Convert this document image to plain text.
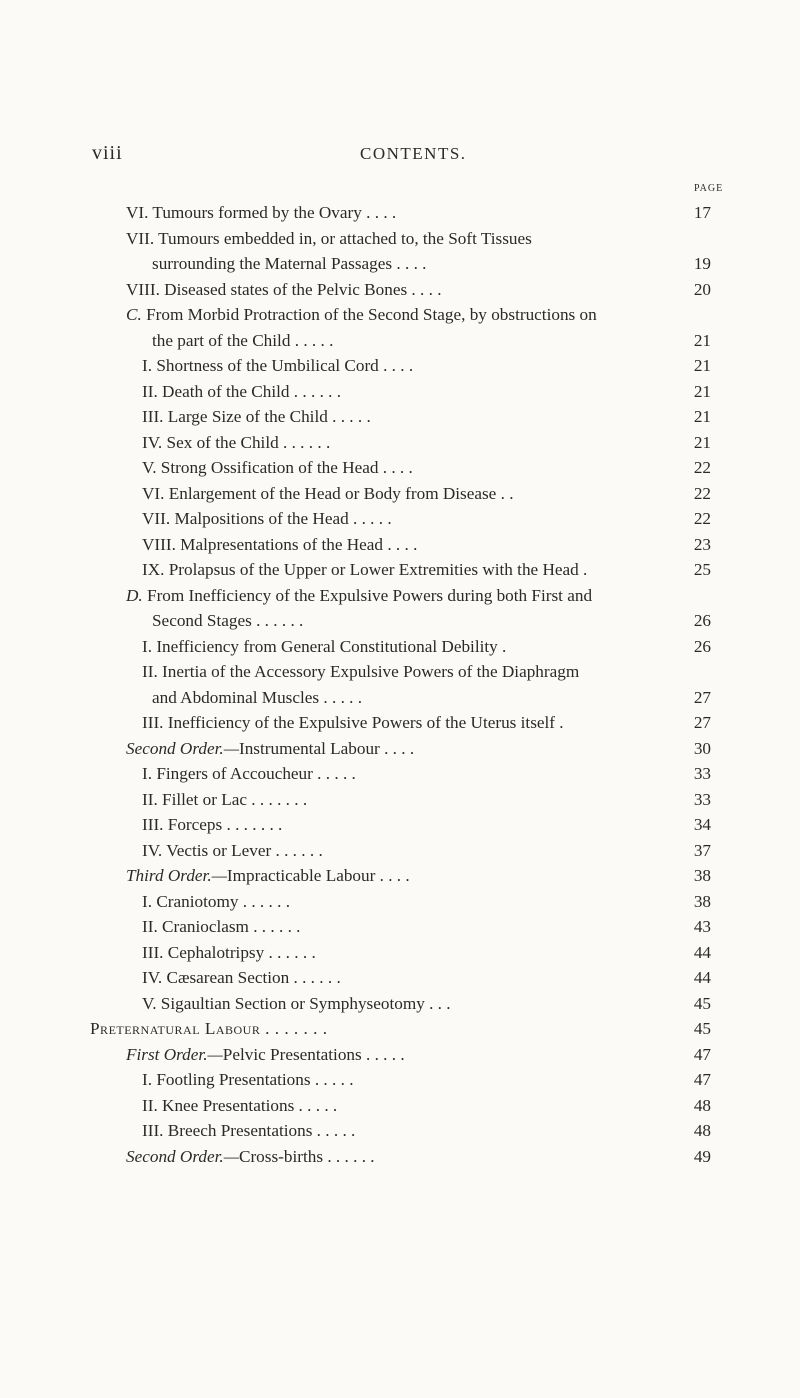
viii	CONTENTS.
PAGE
VI. Tumours formed by the Ovary . . . .	17
VII. Tumours embedded in, or attached to, the Soft Tissues
surrounding the Maternal Passages . . . .	19
VIII. Diseased states of the Pelvic Bones . . . .	20
C. From Morbid Protraction of the Second Stage, by obstructions on
the part of the Child . . . . .	21
I. Shortness of the Umbilical Cord . . . .	21
II. Death of the Child . . . . . .	21
III. Large Size of the Child . . . . .	21
IV. Sex of the Child . . . . . .	21
V. Strong Ossification of the Head . . . .	22
VI. Enlargement of the Head or Body from Disease . .	22
VII. Malpositions of the Head . . . . .	22
VIII. Malpresentations of the Head . . . .	23
IX. Prolapsus of the Upper or Lower Extremities with the Head .	25
D. From Inefficiency of the Expulsive Powers during both First and
Second Stages . . . . . .	26
I. Inefficiency from General Constitutional Debility .	26
II. Inertia of the Accessory Expulsive Powers of the Diaphragm
and Abdominal Muscles . . . . .	27
III. Inefficiency of the Expulsive Powers of the Uterus itself .	27
Second Order.—Instrumental Labour . . . .	30
I. Fingers of Accoucheur . . . . .	33
II. Fillet or Lac . . . . . . .	33
III. Forceps . . . . . . .	34
IV. Vectis or Lever . . . . . .	37
Third Order.—Impracticable Labour . . . .	38
I. Craniotomy . . . . . .	38
II. Cranioclasm . . . . . .	43
III. Cephalotripsy . . . . . .	44
IV. Cæsarean Section . . . . . .	44
V. Sigaultian Section or Symphyseotomy . . .	45
Preternatural Labour . . . . . . .	45
First Order.—Pelvic Presentations . . . . .	47
I. Footling Presentations . . . . .	47
II. Knee Presentations . . . . .	48
III. Breech Presentations . . . . .	48
Second Order.—Cross-births . . . . . .	49
